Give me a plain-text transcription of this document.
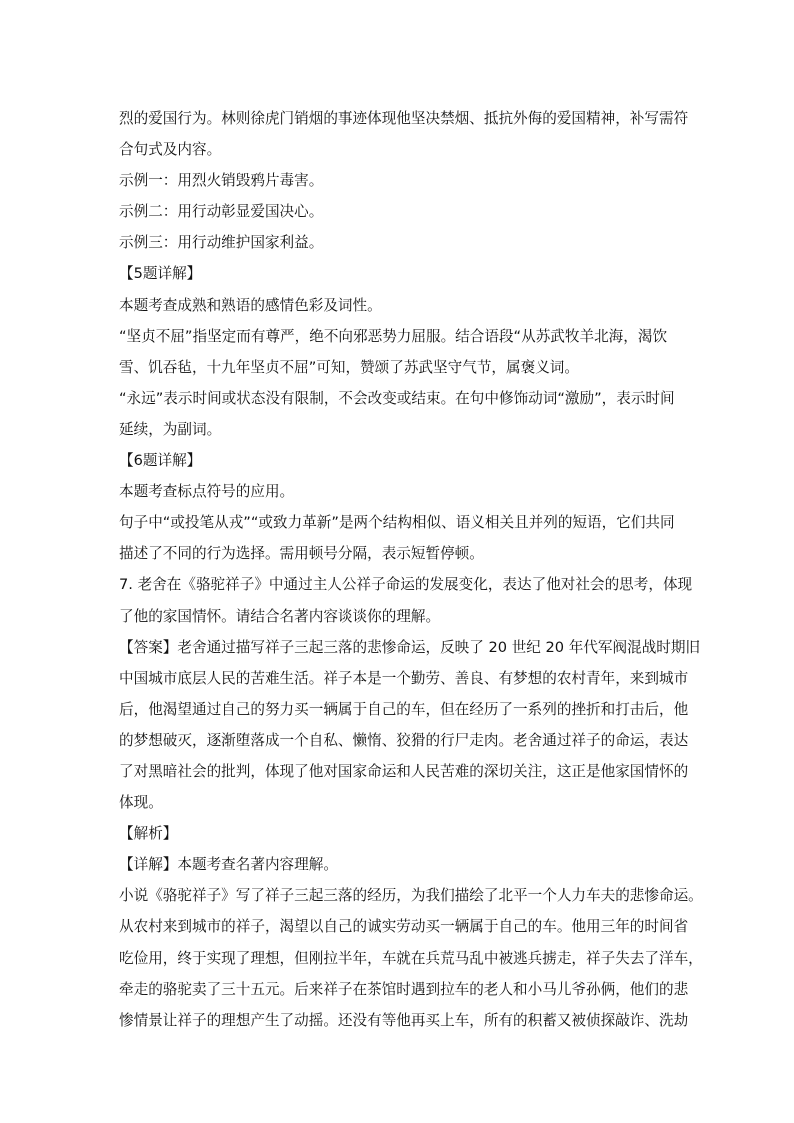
烈的爱国行为。林则徐虎门销烟的事迹体现他坚决禁烟、抵抗外侮的爱国精神，补写需符
合句式及内容。
示例一：用烈火销毁鸦片毒害。
示例二：用行动彰显爱国决心。
示例三：用行动维护国家利益。
【5题详解】
本题考查成熟和熟语的感情色彩及词性。
“坚贞不屈”指坚定而有尊严，绝不向邪恶势力屈服。结合语段“从苏武牧羊北海，渴饮
雪、饥吞毡，十九年坚贞不屈”可知，赞颂了苏武坚守气节，属褒义词。
“永远”表示时间或状态没有限制，不会改变或结束。在句中修饰动词“激励”，表示时间
延续，为副词。
【6题详解】
本题考查标点符号的应用。
句子中“或投笔从戎”“或致力革新”是两个结构相似、语义相关且并列的短语，它们共同
描述了不同的行为选择。需用顿号分隔，表示短暂停顿。
7. 老舍在《骆驼祥子》中通过主人公祥子命运的发展变化，表达了他对社会的思考，体现
了他的家国情怀。请结合名著内容谈谈你的理解。
【答案】老舍通过描写祥子三起三落的悲惨命运，反映了 20 世纪 20 年代军阀混战时期旧
中国城市底层人民的苦难生活。祥子本是一个勤劳、善良、有梦想的农村青年，来到城市
后，他渴望通过自己的努力买一辆属于自己的车，但在经历了一系列的挫折和打击后，他
的梦想破灭，逐渐堕落成一个自私、懒惰、狡猾的行尸走肉。老舍通过祥子的命运，表达
了对黑暗社会的批判，体现了他对国家命运和人民苦难的深切关注，这正是他家国情怀的
体现。
【解析】
【详解】本题考查名著内容理解。
小说《骆驼祥子》写了祥子三起三落的经历，为我们描绘了北平一个人力车夫的悲惨命运。
从农村来到城市的祥子，渴望以自己的诚实劳动买一辆属于自己的车。他用三年的时间省
吃俭用，终于实现了理想，但刚拉半年，车就在兵荒马乱中被逃兵掳走，祥子失去了洋车，
牵走的骆驼卖了三十五元。后来祥子在茶馆时遇到拉车的老人和小马儿爷孙俩，他们的悲
惨情景让祥子的理想产生了动摇。还没有等他再买上车，所有的积蓄又被侦探敲诈、洗劫
